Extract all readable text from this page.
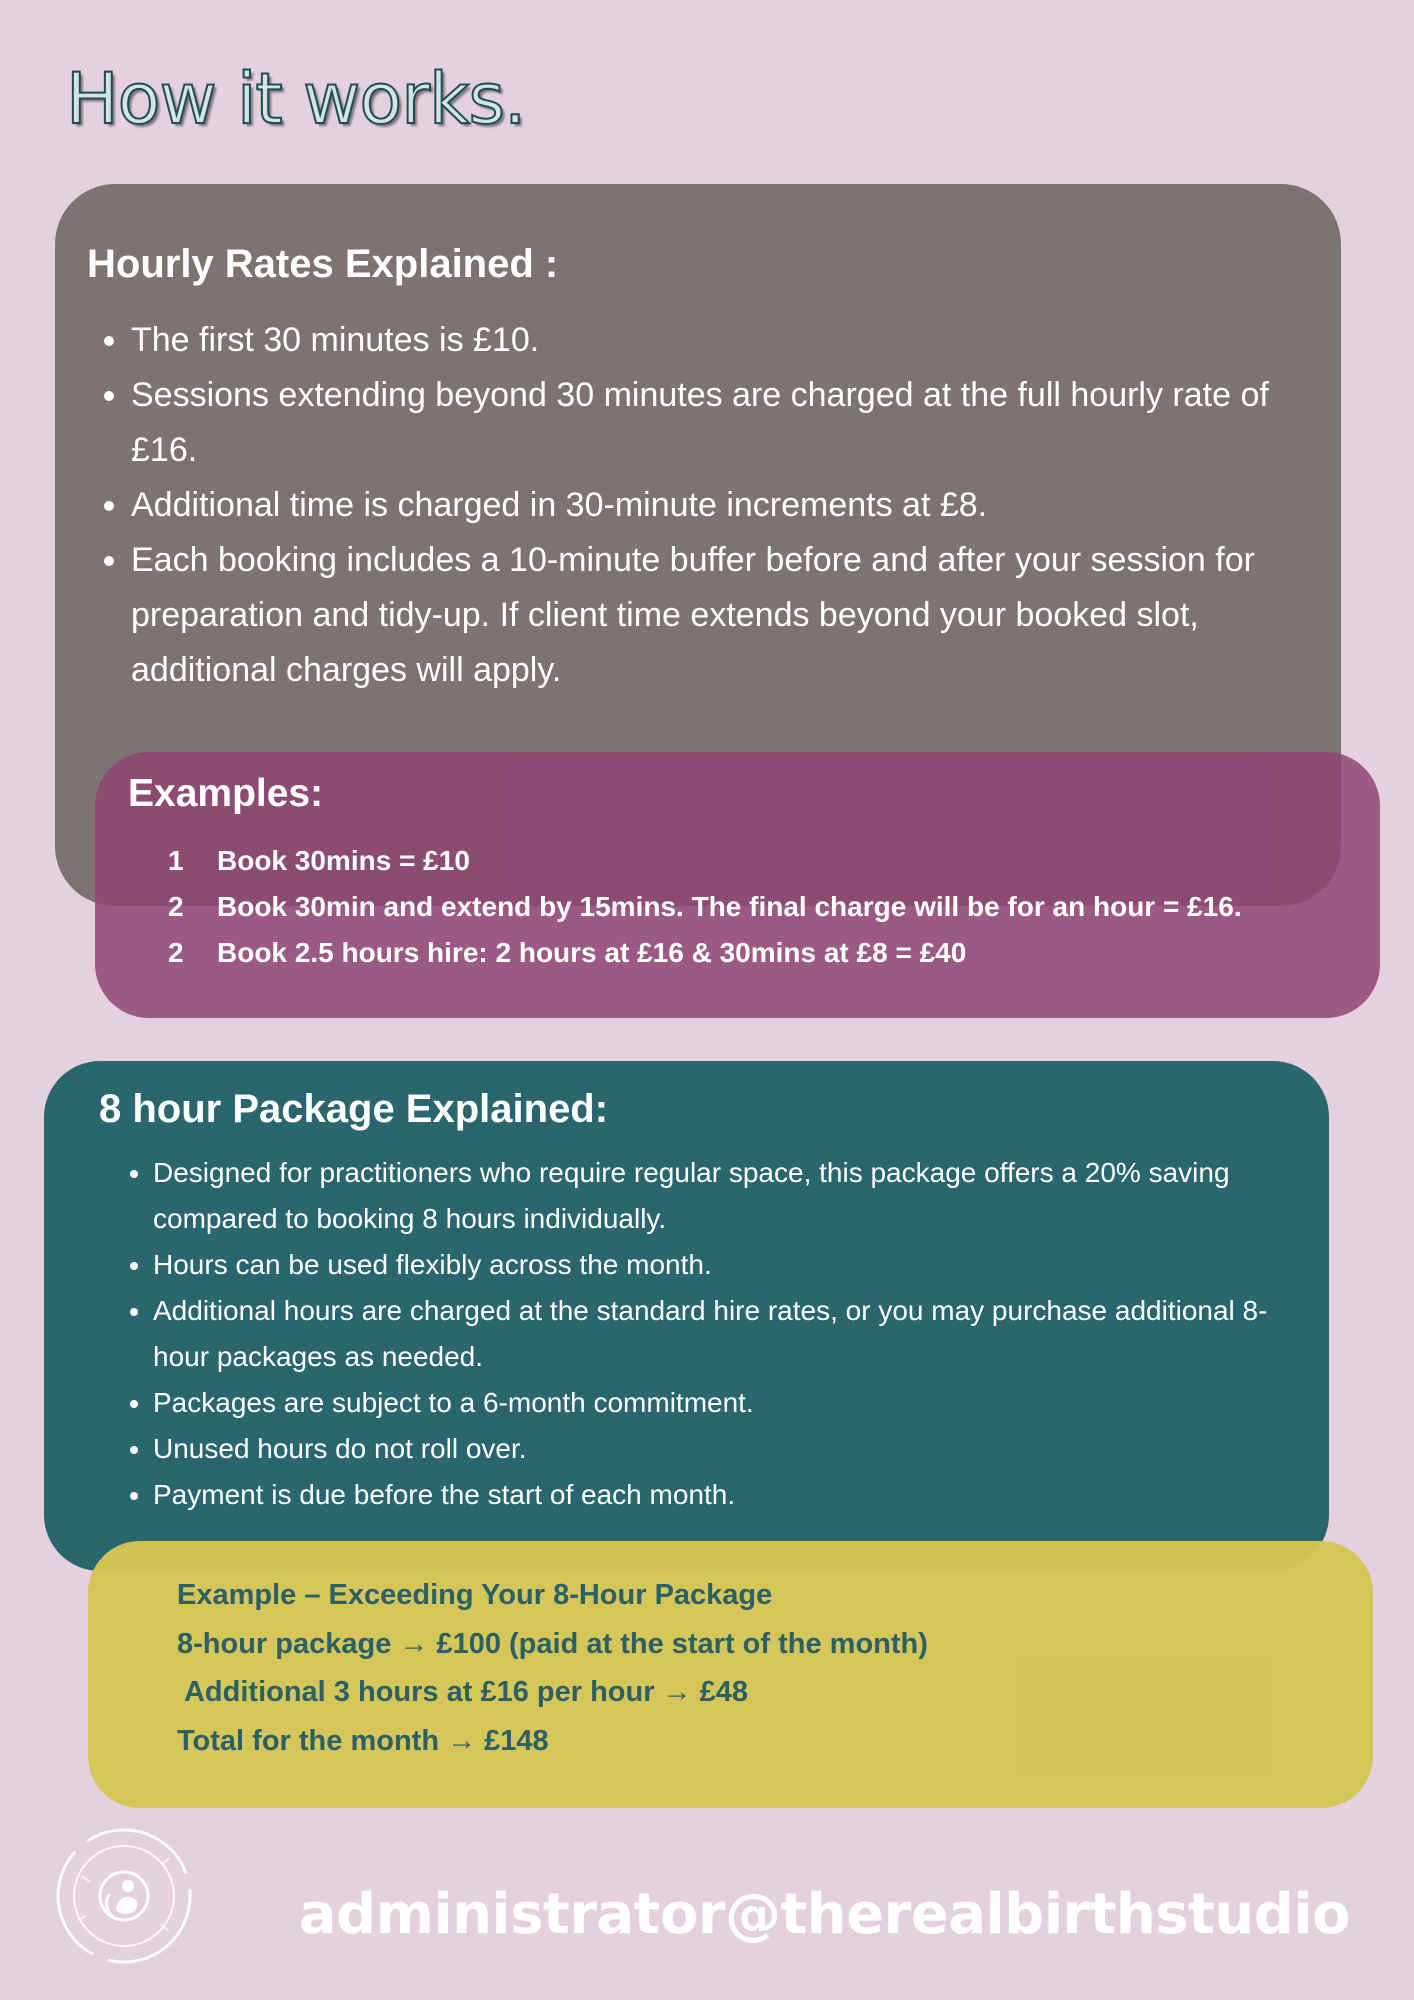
How it works.
Hourly Rates Explained :
• The first 30 minutes is £10.
• Sessions extending beyond 30 minutes are charged at the full hourly rate of £16.
• Additional time is charged in 30-minute increments at £8.
• Each booking includes a 10-minute buffer before and after your session for preparation and tidy-up. If client time extends beyond your booked slot, additional charges will apply.
Examples:
1	Book 30mins = £10
2	Book 30min and extend by 15mins. The final charge will be for an hour = £16.
2	Book 2.5 hours hire: 2 hours at £16 & 30mins at £8 = £40
8 hour Package Explained:
• Designed for practitioners who require regular space, this package offers a 20% saving compared to booking 8 hours individually.
• Hours can be used flexibly across the month.
• Additional hours are charged at the standard hire rates, or you may purchase additional 8-hour packages as needed.
• Packages are subject to a 6-month commitment.
• Unused hours do not roll over.
• Payment is due before the start of each month.
Example – Exceeding Your 8-Hour Package
8-hour package → £100 (paid at the start of the month)
Additional 3 hours at £16 per hour → £48
Total for the month → £148
administrator@therealbirthstudio
